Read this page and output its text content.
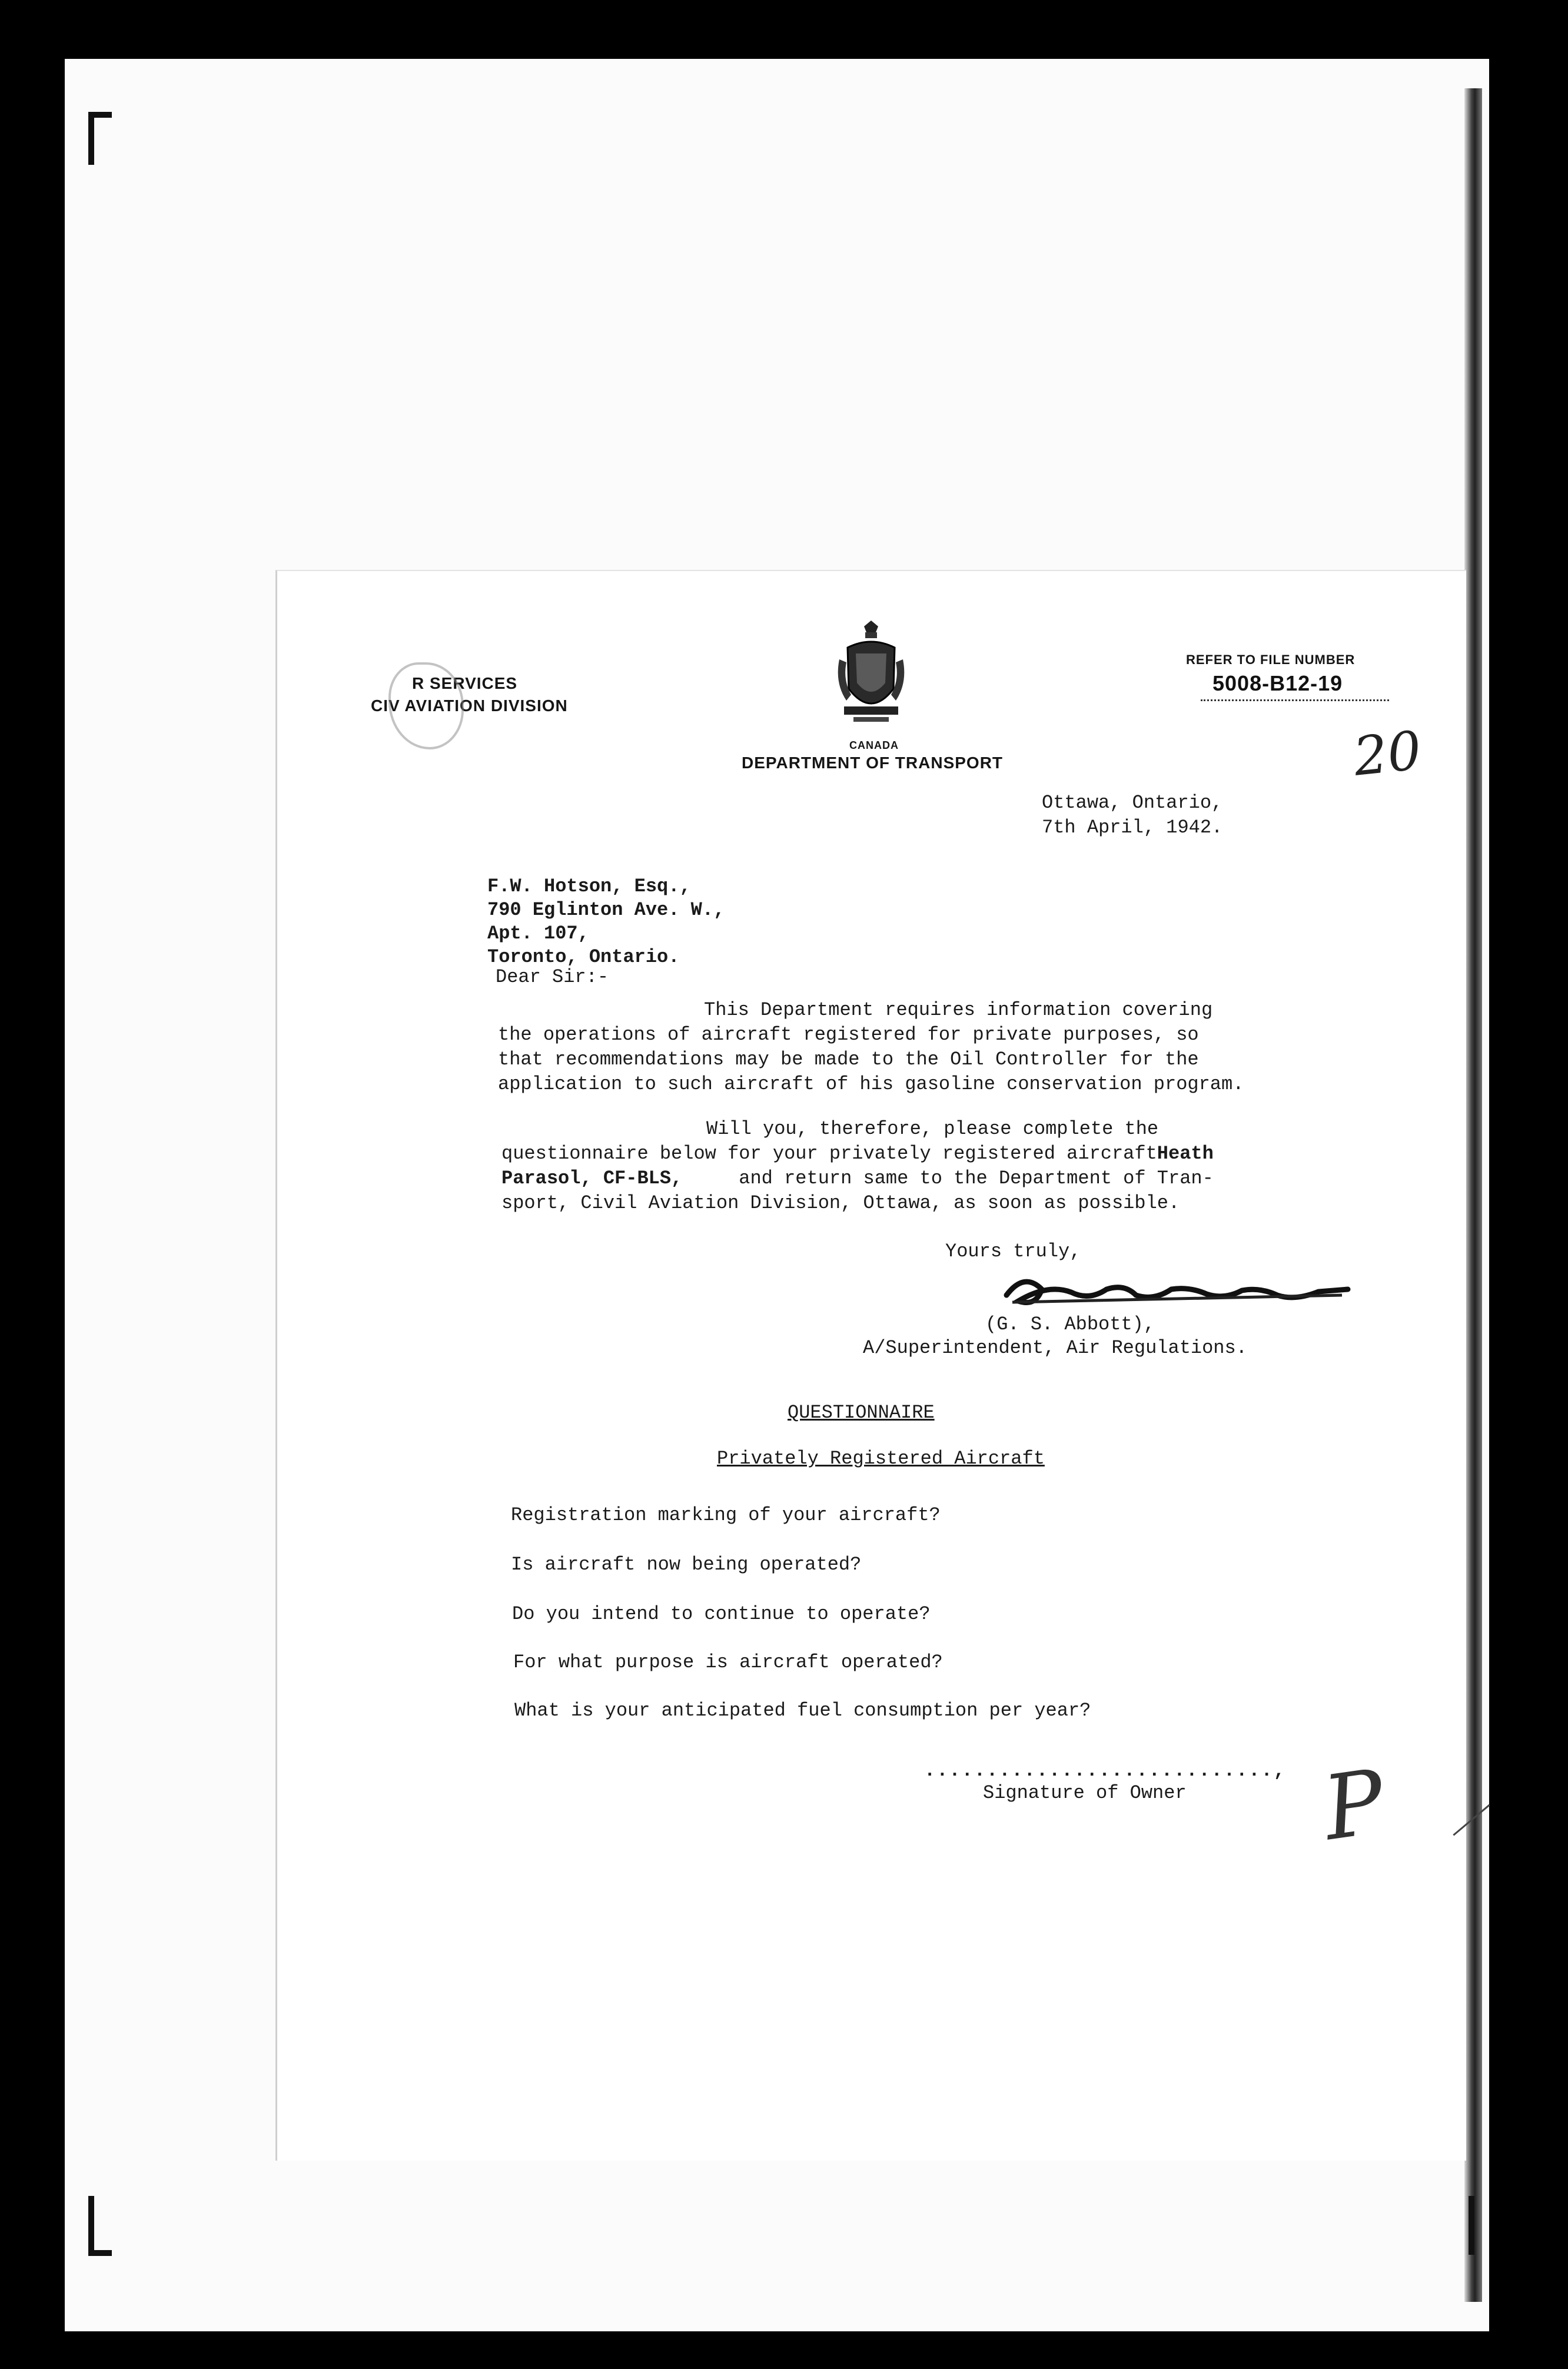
R SERVICES
CIV AVIATION DIVISION
CANADA
DEPARTMENT OF TRANSPORT
REFER TO FILE NUMBER
5008-B12-19
20
Ottawa, Ontario,
7th April, 1942.
F.W. Hotson, Esq.,
790 Eglinton Ave. W.,
Apt. 107,
Toronto, Ontario.
Dear Sir:-
This Department requires information covering
the operations of aircraft registered for private purposes, so
that recommendations may be made to the Oil Controller for the
application to such aircraft of his gasoline conservation program.
Will you, therefore, please complete the
questionnaire below for your privately registered aircraftHeath
Parasol, CF-BLS,	and return same to the Department of Tran-
sport, Civil Aviation Division, Ottawa, as soon as possible.
Yours truly,
(G. S. Abbott),
A/Superintendent, Air Regulations.
QUESTIONNAIRE
Privately Registered Aircraft
Registration marking of your aircraft?
Is aircraft now being operated?
Do you intend to continue to operate?
For what purpose is aircraft operated?
What is your anticipated fuel consumption per year?
............................,
Signature of Owner P
